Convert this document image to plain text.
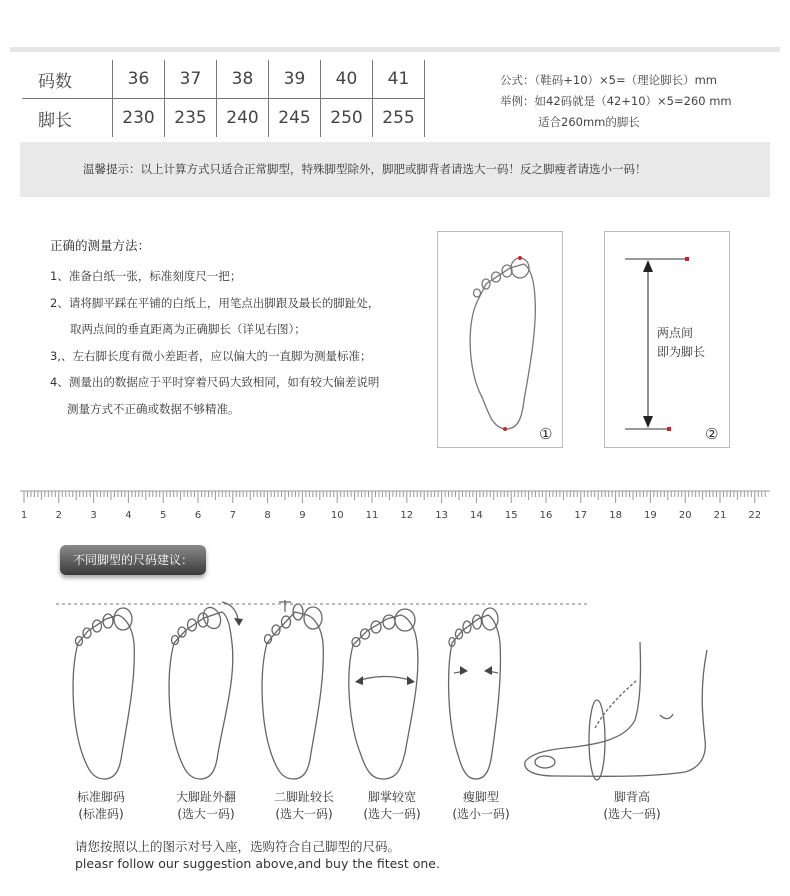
码数	36	37	38	39	40	41
脚长	230	235	240	245	250	255
公式：（鞋码+10）×5=（理论脚长）mm
举例：如42码就是（42+10）×5=260 mm
适合260mm的脚长
温馨提示：以上计算方式只适合正常脚型，特殊脚型除外，脚肥或脚背者请选大一码！反之脚瘦者请选小一码！
正确的测量方法：
1、准备白纸一张，标准刻度尺一把；
2、请将脚平踩在平铺的白纸上，用笔点出脚跟及最长的脚趾处，
取两点间的垂直距离为正确脚长（详见右图）；
3,、左右脚长度有微小差距者，应以偏大的一直脚为测量标准；
4、测量出的数据应于平时穿着尺码大致相同，如有较大偏差说明
测量方式不正确或数据不够精准。
①
两点间
即为脚长
②
1	2	3	4	5	6	7	8	9	10 11 12 13 14 15 16 17 18 19 20 21 22
不同脚型的尺码建议：
标准脚码
(标准码)
大脚趾外翻
(选大一码)
二脚趾较长
(选大一码)
脚掌较宽
(选大一码)
瘦脚型
(选小一码)
脚背高
(选大一码)
请您按照以上的图示对号入座，选购符合自己脚型的尺码。
pleasr follow our suggestion above,and buy the fitest one.
